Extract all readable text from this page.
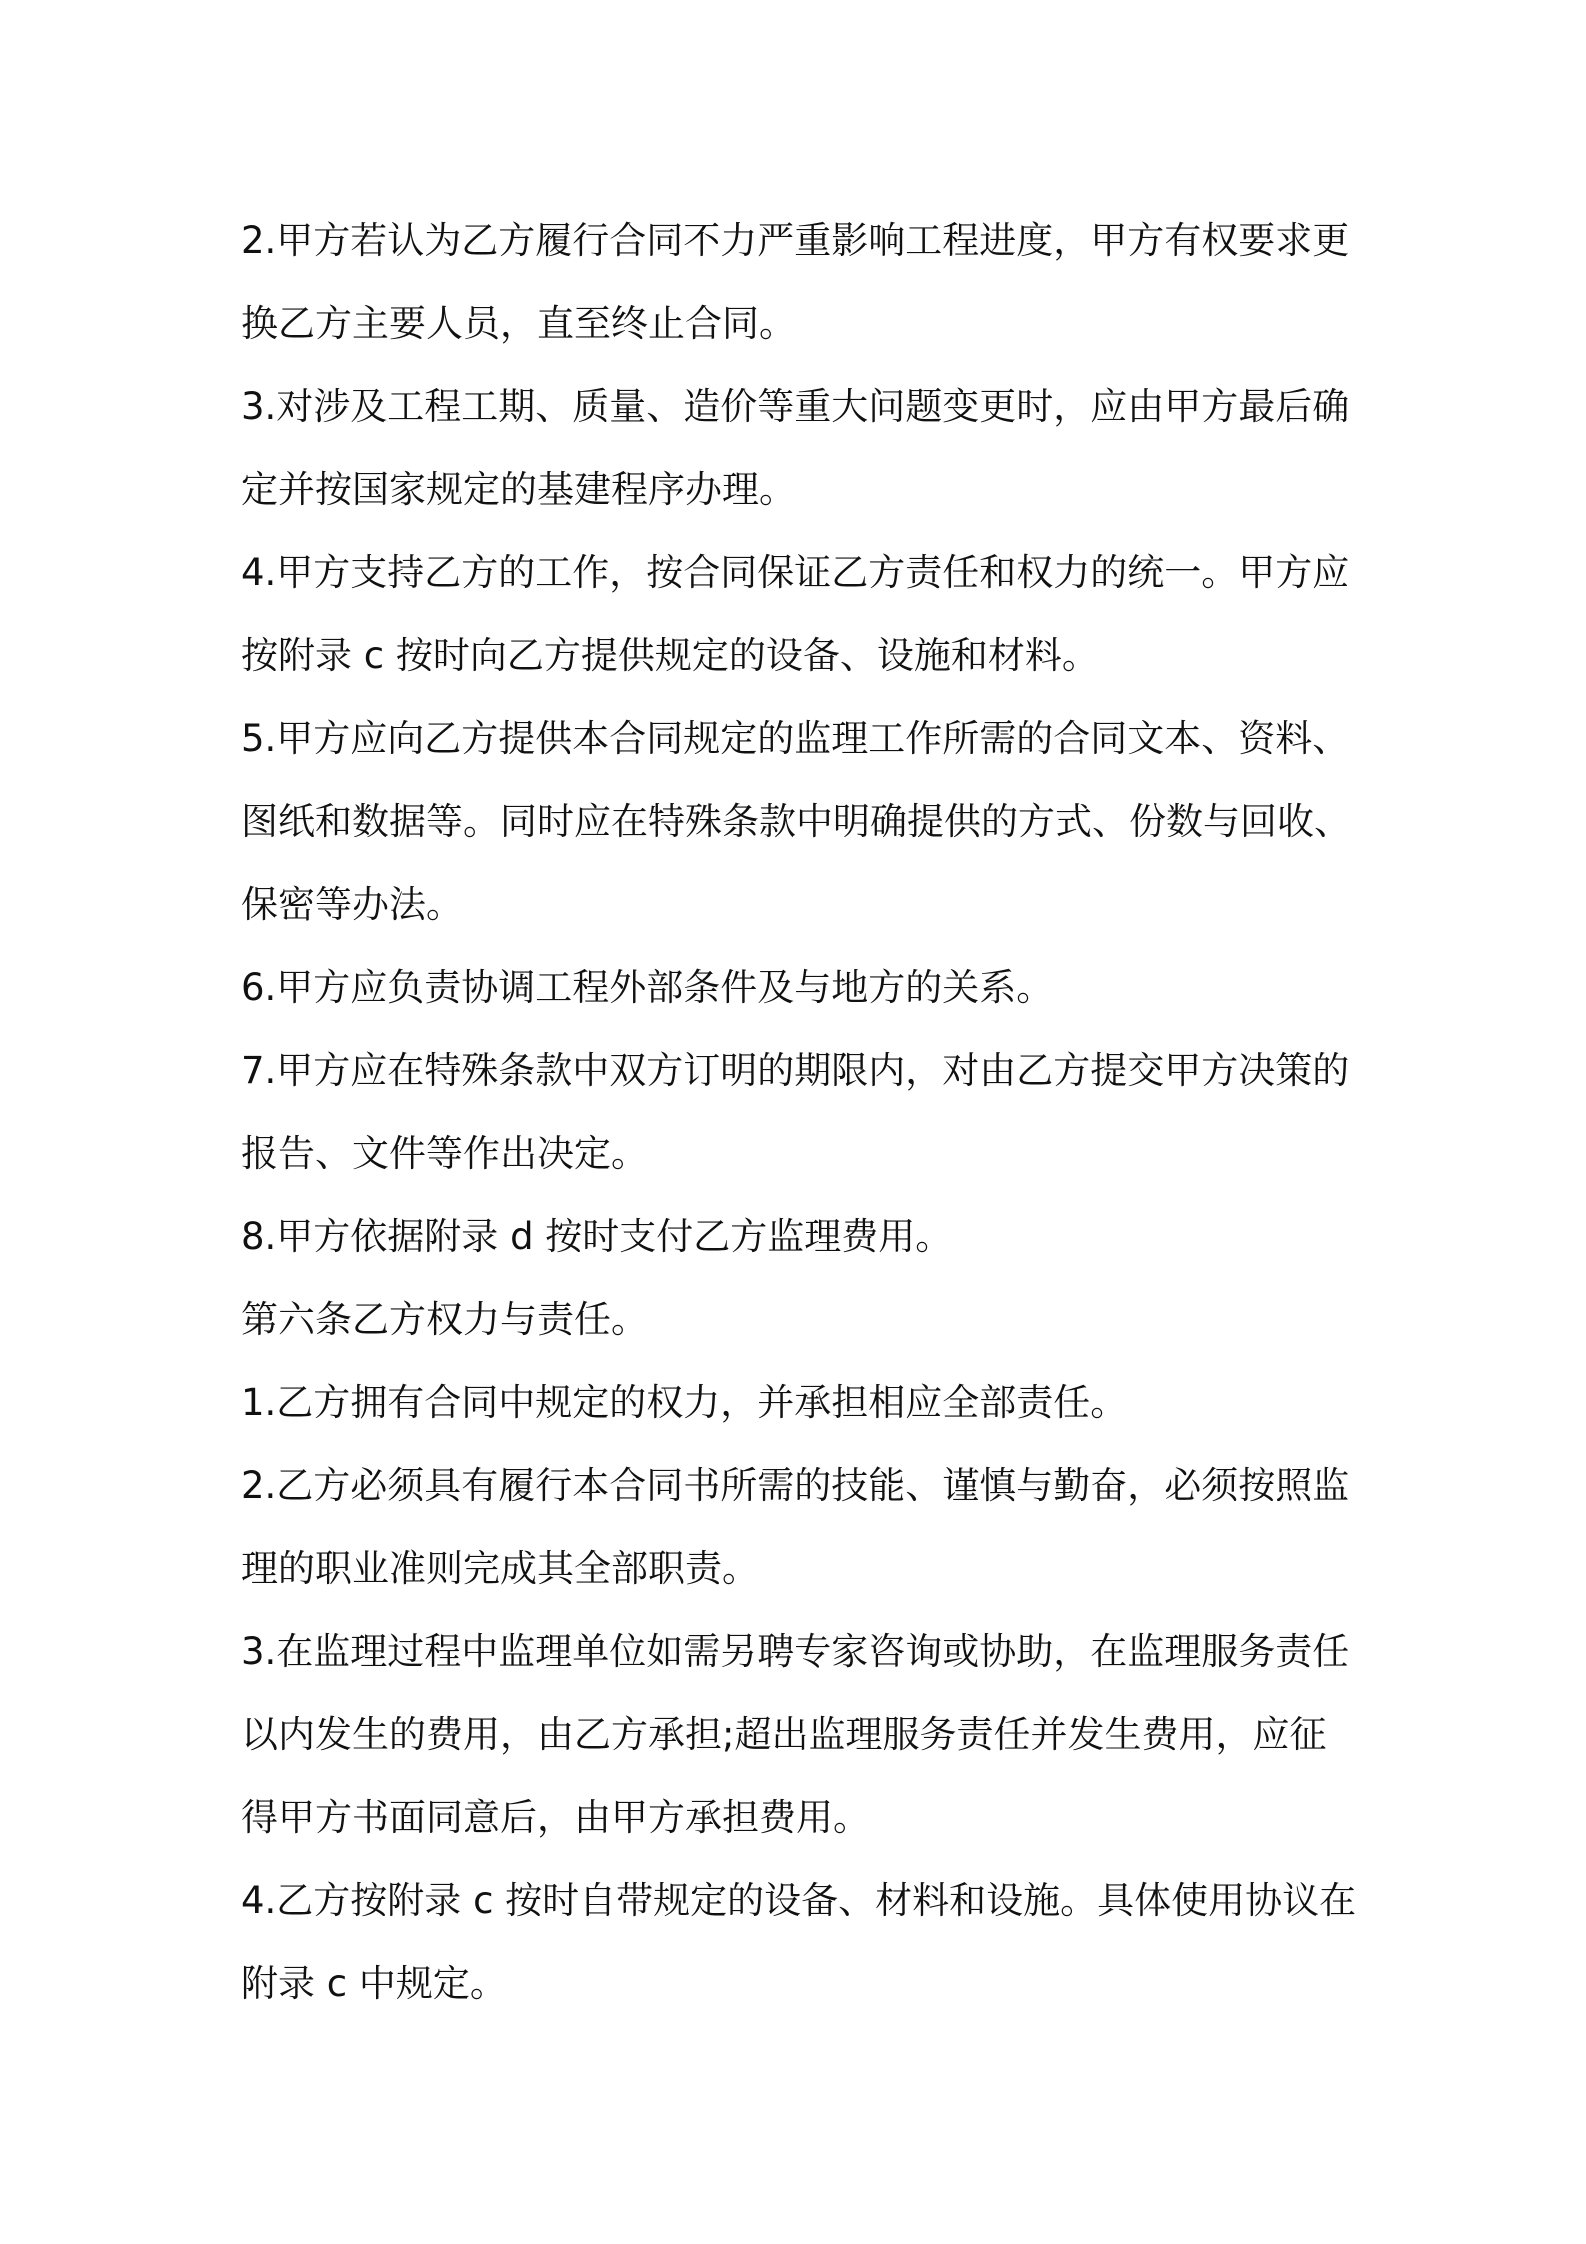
2.甲方若认为乙方履行合同不力严重影响工程进度，甲方有权要求更
换乙方主要人员，直至终止合同。
3.对涉及工程工期、质量、造价等重大问题变更时，应由甲方最后确
定并按国家规定的基建程序办理。
4.甲方支持乙方的工作，按合同保证乙方责任和权力的统一。甲方应
按附录 c 按时向乙方提供规定的设备、设施和材料。
5.甲方应向乙方提供本合同规定的监理工作所需的合同文本、资料、
图纸和数据等。同时应在特殊条款中明确提供的方式、份数与回收、
保密等办法。
6.甲方应负责协调工程外部条件及与地方的关系。
7.甲方应在特殊条款中双方订明的期限内，对由乙方提交甲方决策的
报告、文件等作出决定。
8.甲方依据附录 d 按时支付乙方监理费用。
第六条乙方权力与责任。
1.乙方拥有合同中规定的权力，并承担相应全部责任。
2.乙方必须具有履行本合同书所需的技能、谨慎与勤奋，必须按照监
理的职业准则完成其全部职责。
3.在监理过程中监理单位如需另聘专家咨询或协助，在监理服务责任
以内发生的费用，由乙方承担;超出监理服务责任并发生费用，应征
得甲方书面同意后，由甲方承担费用。
4.乙方按附录 c 按时自带规定的设备、材料和设施。具体使用协议在
附录 c 中规定。
